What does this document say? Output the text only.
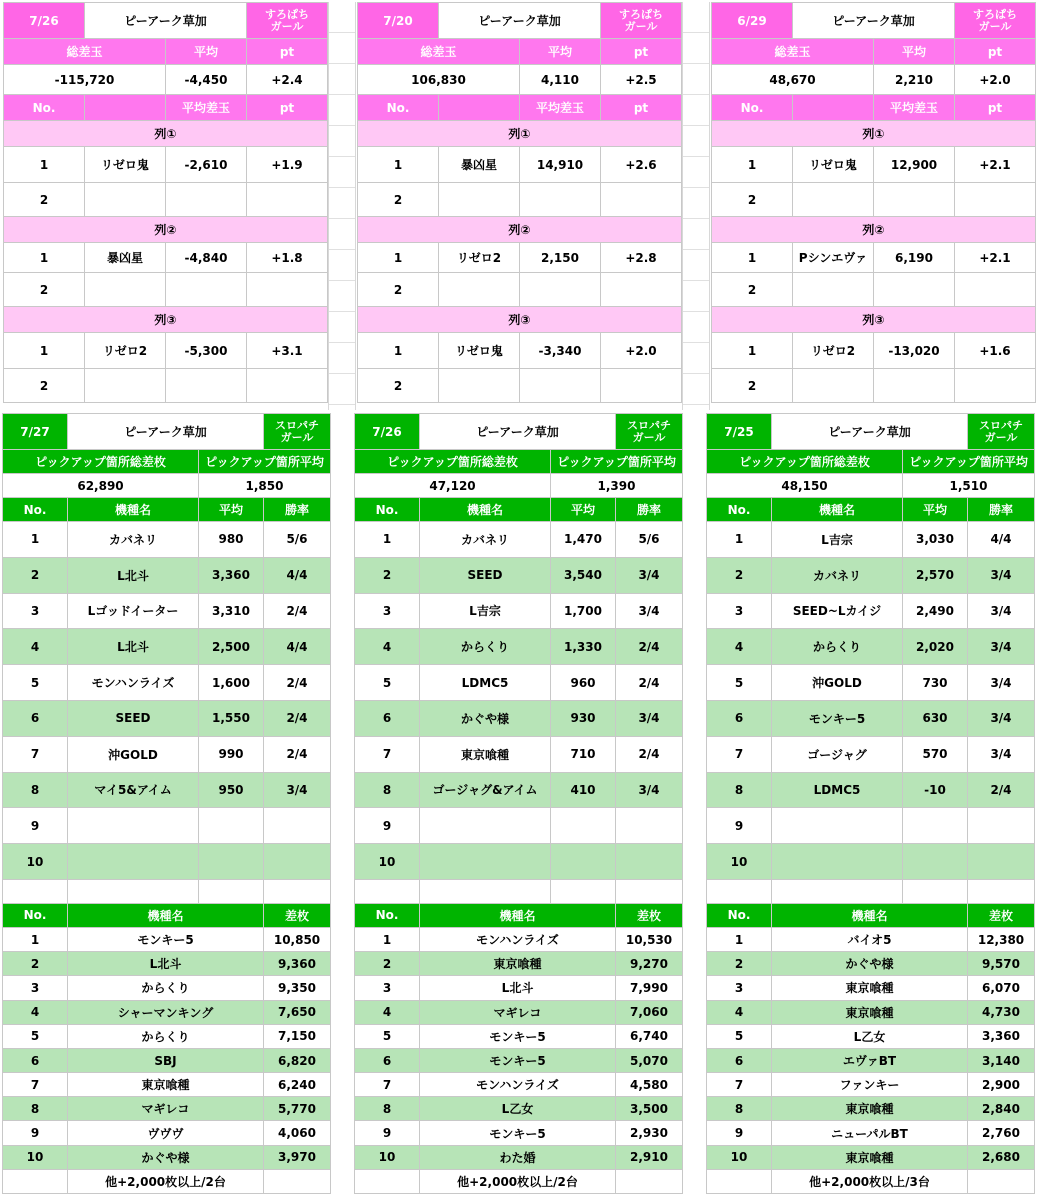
7/26	ピーアーク草加		すろぱち
ガール
総差玉		平均	pt
-115,720		-4,450	+2.4
No.		平均差玉	pt
列①			
1	リゼロ鬼	-2,610	+1.9
2			
列②			
1	暴凶星	-4,840	+1.8
2			
列③			
1	リゼロ2	-5,300	+3.1
2			
7/20	ピーアーク草加		すろぱち
ガール
総差玉		平均	pt
106,830		4,110	+2.5
No.		平均差玉	pt
列①			
1	暴凶星	14,910	+2.6
2			
列②			
1	リゼロ2	2,150	+2.8
2			
列③			
1	リゼロ鬼	-3,340	+2.0
2			
6/29	ピーアーク草加		すろぱち
ガール
総差玉		平均	pt
48,670		2,210	+2.0
No.		平均差玉	pt
列①			
1	リゼロ鬼	12,900	+2.1
2			
列②			
1	Pシンエヴァ	6,190	+2.1
2			
列③			
1	リゼロ2	-13,020	+1.6
2			
7/27	ピーアーク草加		スロパチ
ガール
ピックアップ箇所総差枚		ピックアップ箇所平均	
62,890		1,850	
No.	機種名	平均	勝率
1	カバネリ	980	5/6
2	L北斗	3,360	4/4
3	Lゴッドイーター	3,310	2/4
4	L北斗	2,500	4/4
5	モンハンライズ	1,600	2/4
6	SEED	1,550	2/4
7	沖GOLD	990	2/4
8	マイ5&アイム	950	3/4
9			
10			

No.	機種名		差枚
1	モンキー5		10,850
2	L北斗		9,360
3	からくり		9,350
4	シャーマンキング		7,650
5	からくり		7,150
6	SBJ		6,820
7	東京喰種		6,240
8	マギレコ		5,770
9	ヴヴヴ		4,060
10	かぐや様		3,970
	他+2,000枚以上/2台		
7/26	ピーアーク草加		スロパチ
ガール
ピックアップ箇所総差枚		ピックアップ箇所平均	
47,120		1,390	
No.	機種名	平均	勝率
1	カバネリ	1,470	5/6
2	SEED	3,540	3/4
3	L吉宗	1,700	3/4
4	からくり	1,330	2/4
5	LDMC5	960	2/4
6	かぐや様	930	3/4
7	東京喰種	710	2/4
8	ゴージャグ&アイム	410	3/4
9			
10			

No.	機種名		差枚
1	モンハンライズ		10,530
2	東京喰種		9,270
3	L北斗		7,990
4	マギレコ		7,060
5	モンキー5		6,740
6	モンキー5		5,070
7	モンハンライズ		4,580
8	L乙女		3,500
9	モンキー5		2,930
10	わた婚		2,910
	他+2,000枚以上/2台		
7/25	ピーアーク草加		スロパチ
ガール
ピックアップ箇所総差枚		ピックアップ箇所平均	
48,150		1,510	
No.	機種名	平均	勝率
1	L吉宗	3,030	4/4
2	カバネリ	2,570	3/4
3	SEED~Lカイジ	2,490	3/4
4	からくり	2,020	3/4
5	沖GOLD	730	3/4
6	モンキー5	630	3/4
7	ゴージャグ	570	3/4
8	LDMC5	-10	2/4
9			
10			

No.	機種名		差枚
1	バイオ5		12,380
2	かぐや様		9,570
3	東京喰種		6,070
4	東京喰種		4,730
5	L乙女		3,360
6	エヴァBT		3,140
7	ファンキー		2,900
8	東京喰種		2,840
9	ニューパルBT		2,760
10	東京喰種		2,680
	他+2,000枚以上/3台		
